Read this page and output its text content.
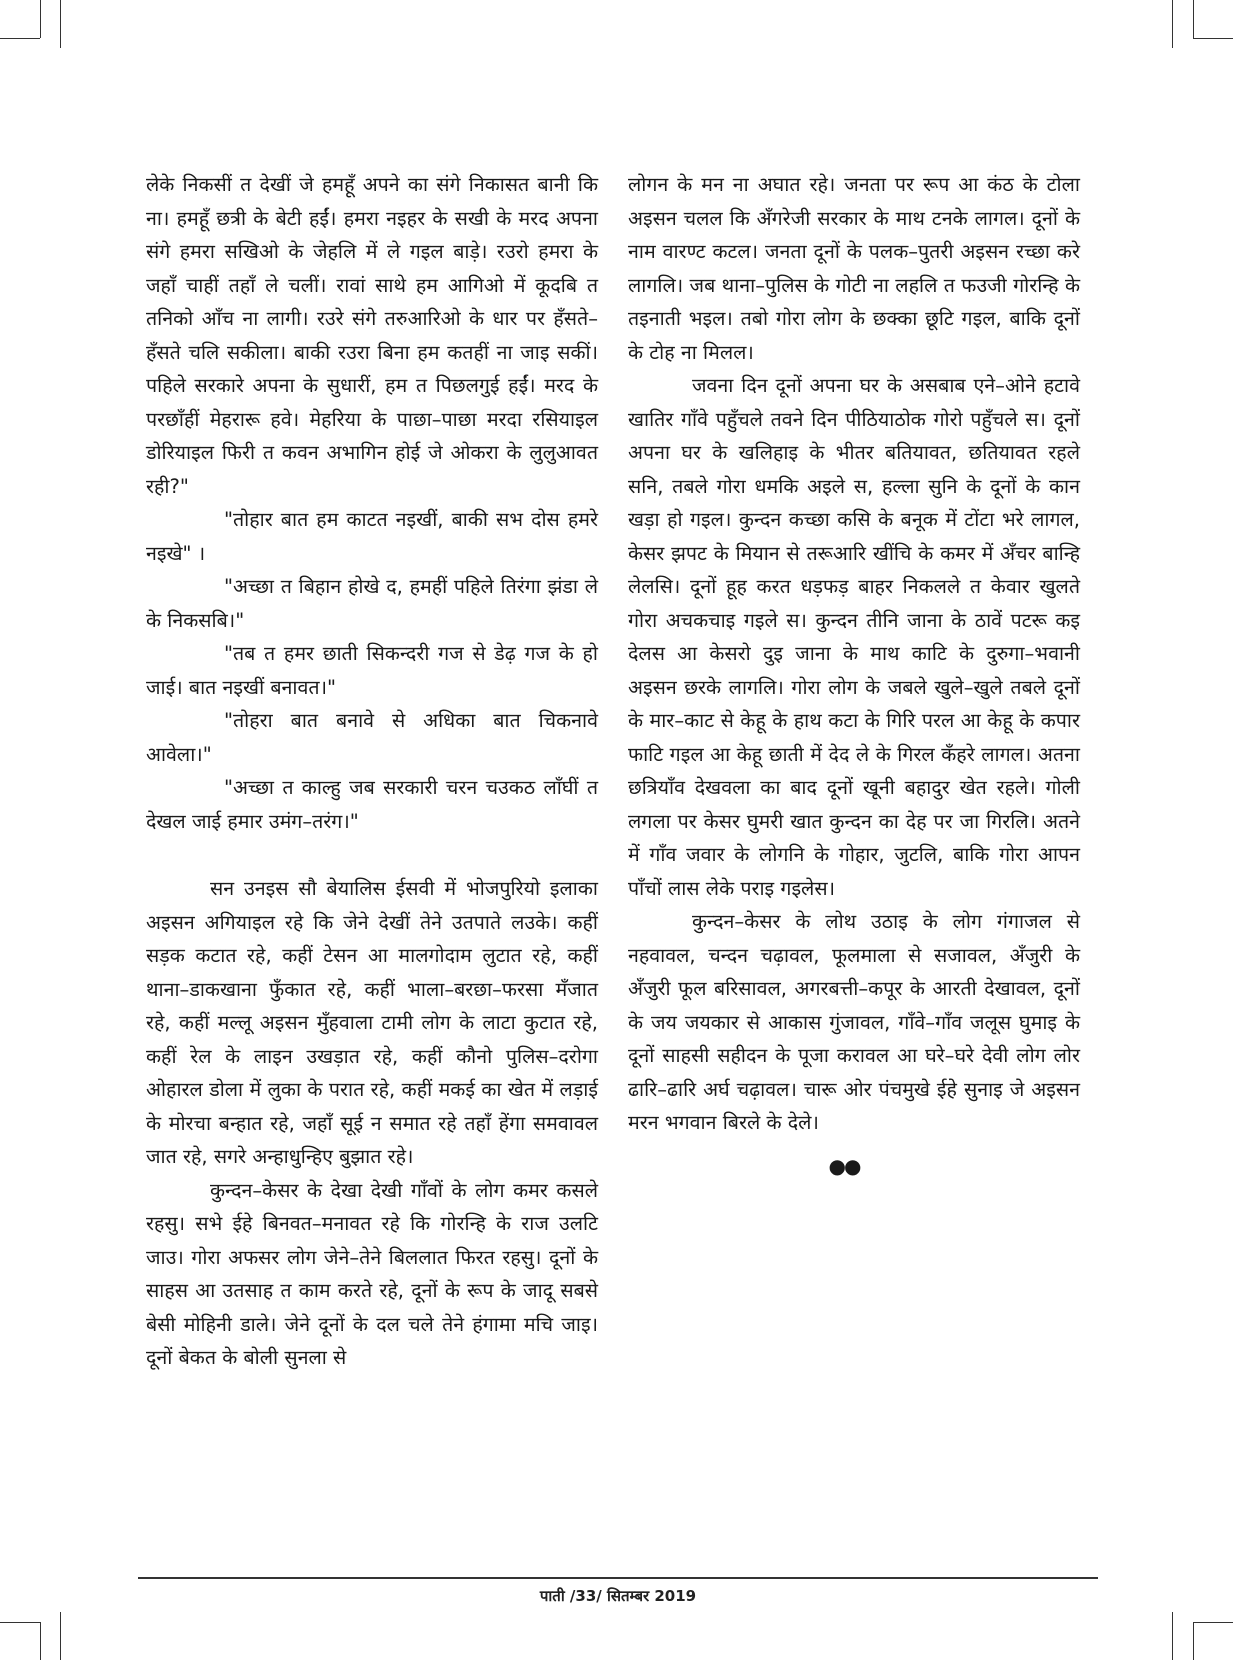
लेके निकसीं त देखीं जे हमहूँ अपने का संगे निकासत बानी कि ना। हमहूँ छत्री के बेटी हईं। हमरा नइहर के सखी के मरद अपना संगे हमरा सखिओ के जेहलि में ले गइल बाड़े। रउरो हमरा के जहाँ चाहीं तहाँ ले चलीं। रावां साथे हम आगिओ में कूदबि त तनिको आँच ना लागी। रउरे संगे तरुआरिओ के धार पर हँसते–हँसते चलि सकीला। बाकी रउरा बिना हम कतहीं ना जाइ सकीं। पहिले सरकारे अपना के सुधारीं, हम त पिछलगुई हईं। मरद के परछाँहीं मेहरारू हवे। मेहरिया के पाछा–पाछा मरदा रसियाइल डोरियाइल फिरी त कवन अभागिन होई जे ओकरा के लुलुआवत रही?"

"तोहार बात हम काटत नइखीं, बाकी सभ दोस हमरे नइखे" ।

"अच्छा त बिहान होखे द, हमहीं पहिले तिरंगा झंडा ले के निकसबि।"

"तब त हमर छाती सिकन्दरी गज से डेढ़ गज के हो जाई। बात नइखीं बनावत।"

"तोहरा बात बनावे से अधिका बात चिकनावे आवेला।"

"अच्छा त काल्हु जब सरकारी चरन चउकठ लाँघीं त देखल जाई हमार उमंग–तरंग।"

सन उनइस सौ बेयालिस ईसवी में भोजपुरियो इलाका अइसन अगियाइल रहे कि जेने देखीं तेने उतपाते लउके। कहीं सड़क कटात रहे, कहीं टेसन आ मालगोदाम लुटात रहे, कहीं थाना–डाकखाना फुँकात रहे, कहीं भाला–बरछा–फरसा मँजात रहे, कहीं मल्लू अइसन मुँहवाला टामी लोग के लाटा कुटात रहे, कहीं रेल के लाइन उखड़ात रहे, कहीं कौनो पुलिस–दरोगा ओहारल डोला में लुका के परात रहे, कहीं मकई का खेत में लड़ाई के मोरचा बन्हात रहे, जहाँ सूई न समात रहे तहाँ हेंगा समवावल जात रहे, सगरे अन्हाधुन्हिए बुझात रहे।

कुन्दन–केसर के देखा देखी गाँवों के लोग कमर कसले रहसु। सभे ईहे बिनवत–मनावत रहे कि गोरन्हि के राज उलटि जाउ। गोरा अफसर लोग जेने–तेने बिललात फिरत रहसु। दूनों के साहस आ उतसाह त काम करते रहे, दूनों के रूप के जादू सबसे बेसी मोहिनी डाले। जेने दूनों के दल चले तेने हंगामा मचि जाइ। दूनों बेकत के बोली सुनला से

लोगन के मन ना अघात रहे। जनता पर रूप आ कंठ के टोला अइसन चलल कि अँगरेजी सरकार के माथ टनके लागल। दूनों के नाम वारण्ट कटल। जनता दूनों के पलक–पुतरी अइसन रच्छा करे लागलि। जब थाना–पुलिस के गोटी ना लहलि त फउजी गोरन्हि के तइनाती भइल। तबो गोरा लोग के छक्का छूटि गइल, बाकि दूनों के टोह ना मिलल।

जवना दिन दूनों अपना घर के असबाब एने–ओने हटावे खातिर गाँवे पहुँचले तवने दिन पीठियाठोक गोरो पहुँचले स। दूनों अपना घर के खलिहाइ के भीतर बतियावत, छतियावत रहले सनि, तबले गोरा धमकि अइले स, हल्ला सुनि के दूनों के कान खड़ा हो गइल। कुन्दन कच्छा कसि के बनूक में टोंटा भरे लागल, केसर झपट के मियान से तरूआरि खींचि के कमर में अँचर बान्हि लेलसि। दूनों हूह करत धड़फड़ बाहर निकलले त केवार खुलते गोरा अचकचाइ गइले स। कुन्दन तीनि जाना के ठावें पटरू कइ देलस आ केसरो दुइ जाना के माथ काटि के दुरुगा–भवानी अइसन छरके लागलि। गोरा लोग के जबले खुले–खुले तबले दूनों के मार–काट से केहू के हाथ कटा के गिरि परल आ केहू के कपार फाटि गइल आ केहू छाती में देद ले के गिरल कँहरे लागल। अतना छत्रियाँव देखवला का बाद दूनों खूनी बहादुर खेत रहले। गोली लगला पर केसर घुमरी खात कुन्दन का देह पर जा गिरलि। अतने में गाँव जवार के लोगनि के गोहार, जुटलि, बाकि गोरा आपन पाँचों लास लेके पराइ गइलेस।

कुन्दन–केसर के लोथ उठाइ के लोग गंगाजल से नहवावल, चन्दन चढ़ावल, फूलमाला से सजावल, अँजुरी के अँजुरी फूल बरिसावल, अगरबत्ती–कपूर के आरती देखावल, दूनों के जय जयकार से आकास गुंजावल, गाँवे–गाँव जलूस घुमाइ के दूनों साहसी सहीदन के पूजा करावल आ घरे–घरे देवी लोग लोर ढारि–ढारि अर्घ चढ़ावल। चारू ओर पंचमुखे ईहे सुनाइ जे अइसन मरन भगवान बिरले के देले।

●●
पाती /33/ सितम्बर 2019
